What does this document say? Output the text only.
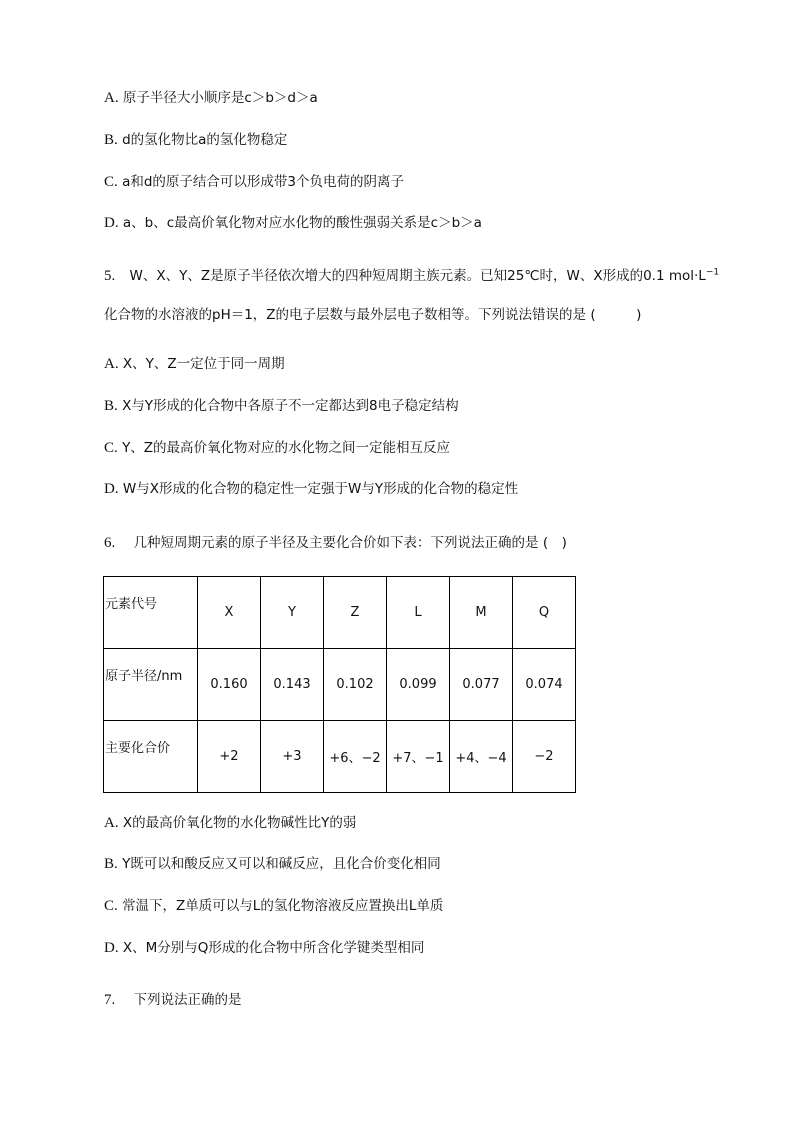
A. 原子半径大小顺序是c＞b＞d＞a
B. d的氢化物比a的氢化物稳定
C. a和d的原子结合可以形成带3个负电荷的阴离子
D. a、b、c最高价氧化物对应水化物的酸性强弱关系是c＞b＞a
5. W、X、Y、Z是原子半径依次增大的四种短周期主族元素。已知25℃时，W、X形成的0.1 $mol\cdot L^{-1}$
化合物的水溶液的pH＝1，Z的电子层数与最外层电子数相等。下列说法错误的是 (　　　)
A. X、Y、Z一定位于同一周期
B. X与Y形成的化合物中各原子不一定都达到8电子稳定结构
C. Y、Z的最高价氧化物对应的水化物之间一定能相互反应
D. W与X形成的化合物的稳定性一定强于W与Y形成的化合物的稳定性
6. 几种短周期元素的原子半径及主要化合价如下表：下列说法正确的是 (　)
元素代号	X	Y	Z	L	M	Q
原子半径/nm	0.160	0.143	0.102	0.099	0.077	0.074
主要化合价	+2	+3	+6、−2	+7、−1	+4、−4	−2
A. X的最高价氧化物的水化物碱性比Y的弱
B. Y既可以和酸反应又可以和碱反应，且化合价变化相同
C. 常温下，Z单质可以与L的氢化物溶液反应置换出L单质
D. X、M分别与Q形成的化合物中所含化学键类型相同
7. 下列说法正确的是
